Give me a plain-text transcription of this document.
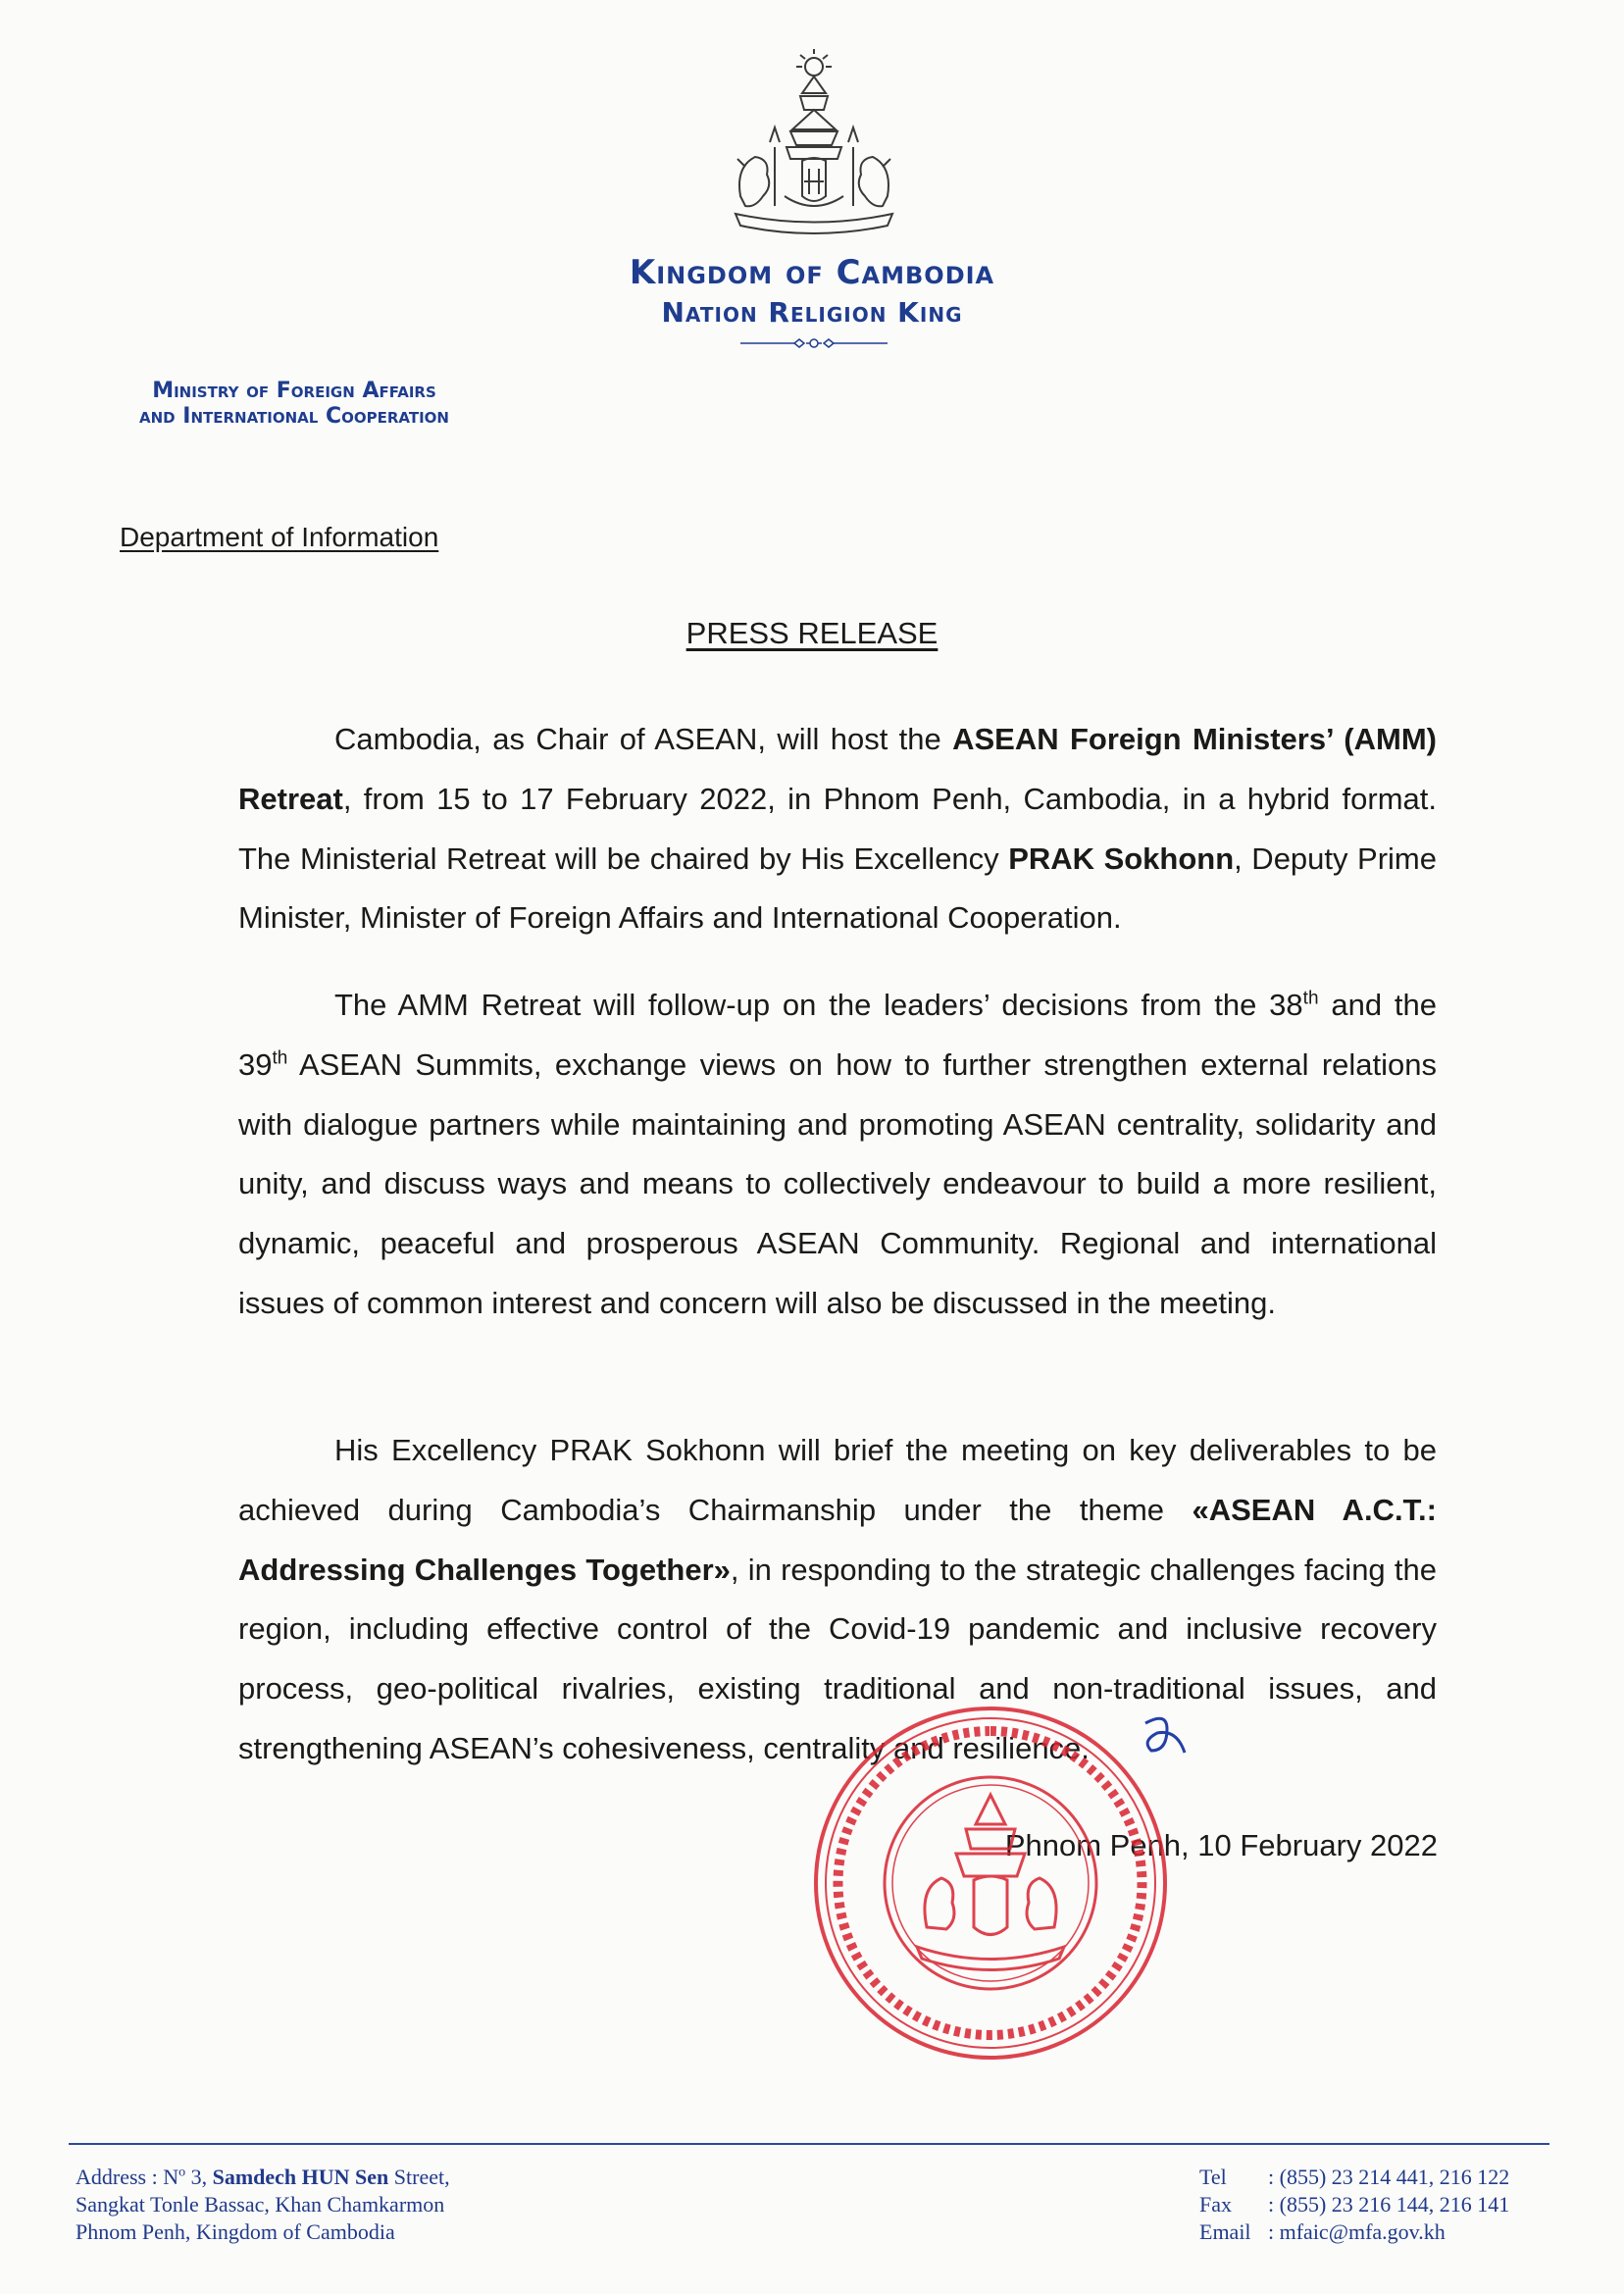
Kingdom of Cambodia
Nation Religion King
Ministry of Foreign Affairs
and International Cooperation
Department of Information
PRESS RELEASE
Cambodia, as Chair of ASEAN, will host the ASEAN Foreign Ministers’ (AMM) Retreat, from 15 to 17 February 2022, in Phnom Penh, Cambodia, in a hybrid format. The Ministerial Retreat will be chaired by His Excellency PRAK Sokhonn, Deputy Prime Minister, Minister of Foreign Affairs and International Cooperation.
The AMM Retreat will follow-up on the leaders’ decisions from the 38th and the 39th ASEAN Summits, exchange views on how to further strengthen external relations with dialogue partners while maintaining and promoting ASEAN centrality, solidarity and unity, and discuss ways and means to collectively endeavour to build a more resilient, dynamic, peaceful and prosperous ASEAN Community. Regional and international issues of common interest and concern will also be discussed in the meeting.
His Excellency PRAK Sokhonn will brief the meeting on key deliverables to be achieved during Cambodia’s Chairmanship under the theme «ASEAN A.C.T.: Addressing Challenges Together», in responding to the strategic challenges facing the region, including effective control of the Covid-19 pandemic and inclusive recovery process, geo-political rivalries, existing traditional and non-traditional issues, and strengthening ASEAN’s cohesiveness, centrality and resilience.
Phnom Penh, 10 February 2022
Address : $N^o$ 3, Samdech HUN Sen Street,
Sangkat Tonle Bassac, Khan Chamkarmon
Phnom Penh, Kingdom of Cambodia
Tel	: (855) 23 214 441, 216 122
Fax	: (855) 23 216 144, 216 141
Email : mfaic@mfa.gov.kh
